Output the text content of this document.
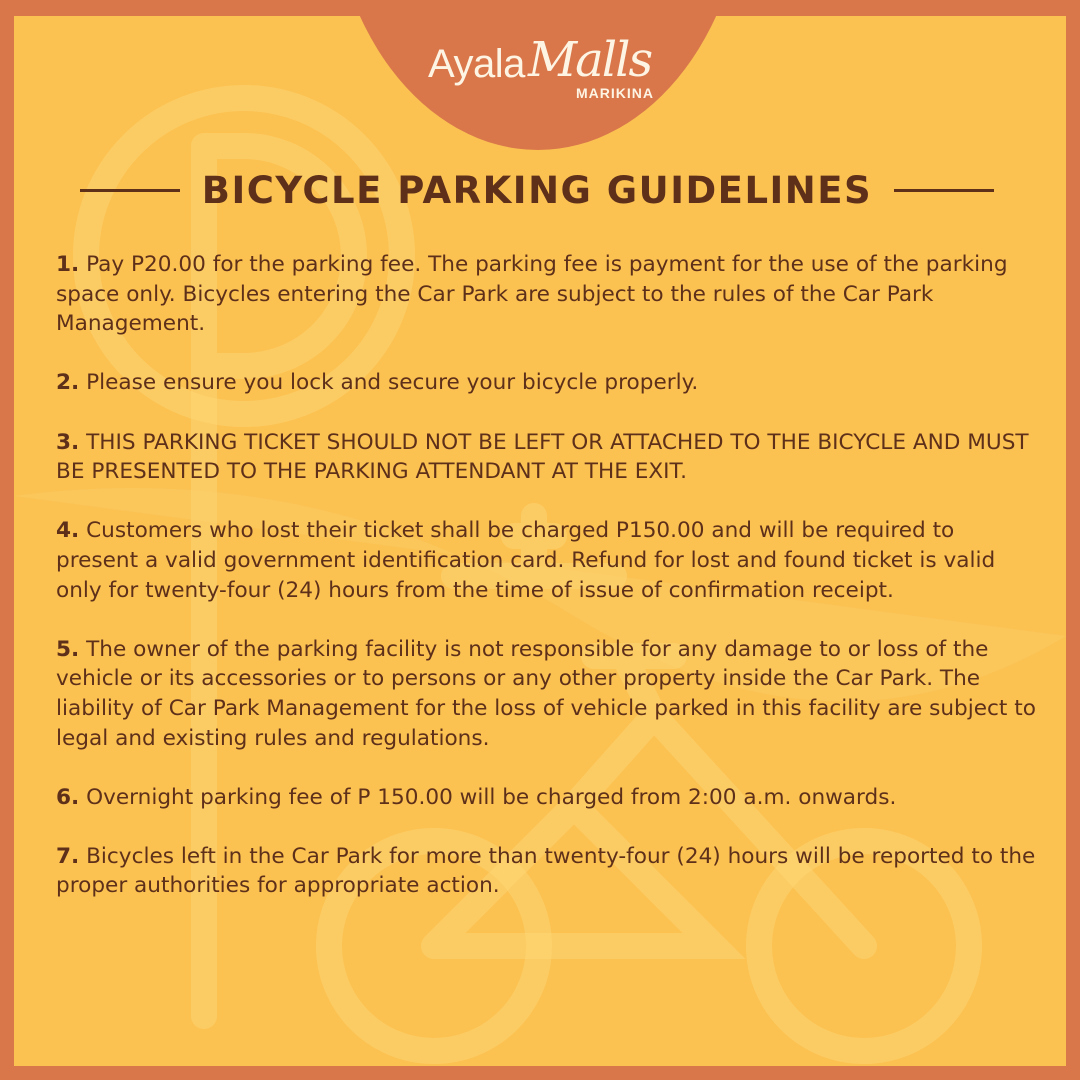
Ayala Malls
MARIKINA
BICYCLE PARKING GUIDELINES

1. Pay P20.00 for the parking fee. The parking fee is payment for the use of the parking space only. Bicycles entering the Car Park are subject to the rules of the Car Park Management.

2. Please ensure you lock and secure your bicycle properly.

3. THIS PARKING TICKET SHOULD NOT BE LEFT OR ATTACHED TO THE BICYCLE AND MUST BE PRESENTED TO THE PARKING ATTENDANT AT THE EXIT.

4. Customers who lost their ticket shall be charged P150.00 and will be required to present a valid government identification card. Refund for lost and found ticket is valid only for twenty-four (24) hours from the time of issue of confirmation receipt.

5. The owner of the parking facility is not responsible for any damage to or loss of the vehicle or its accessories or to persons or any other property inside the Car Park. The liability of Car Park Management for the loss of vehicle parked in this facility are subject to legal and existing rules and regulations.

6. Overnight parking fee of P 150.00 will be charged from 2:00 a.m. onwards.

7. Bicycles left in the Car Park for more than twenty-four (24) hours will be reported to the proper authorities for appropriate action.
